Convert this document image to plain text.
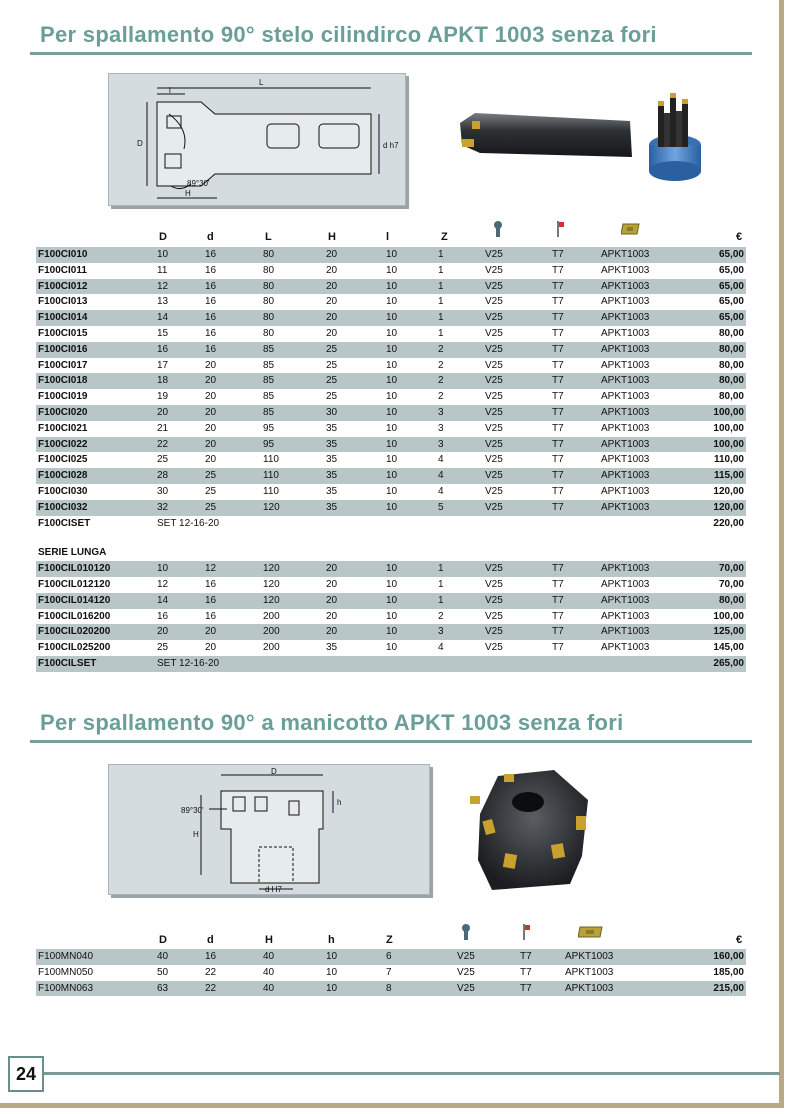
Per spallamento 90° stelo cilindirco APKT 1003 senza fori
L
l
D	d h7
H
89°30'
D	d	L	H	l	Z	€
F100CI010	10	16	80	20	10	1	V25	T7	APKT1003	65,00
F100CI011	11	16	80	20	10	1	V25	T7	APKT1003	65,00
F100CI012	12	16	80	20	10	1	V25	T7	APKT1003	65,00
F100CI013	13	16	80	20	10	1	V25	T7	APKT1003	65,00
F100CI014	14	16	80	20	10	1	V25	T7	APKT1003	65,00
F100CI015	15	16	80	20	10	1	V25	T7	APKT1003	80,00
F100CI016	16	16	85	25	10	2	V25	T7	APKT1003	80,00
F100CI017	17	20	85	25	10	2	V25	T7	APKT1003	80,00
F100CI018	18	20	85	25	10	2	V25	T7	APKT1003	80,00
F100CI019	19	20	85	25	10	2	V25	T7	APKT1003	80,00
F100CI020	20	20	85	30	10	3	V25	T7	APKT1003	100,00
F100CI021	21	20	95	35	10	3	V25	T7	APKT1003	100,00
F100CI022	22	20	95	35	10	3	V25	T7	APKT1003	100,00
F100CI025	25	20	110	35	10	4	V25	T7	APKT1003	110,00
F100CI028	28	25	110	35	10	4	V25	T7	APKT1003	115,00
F100CI030	30	25	110	35	10	4	V25	T7	APKT1003	120,00
F100CI032	32	25	120	35	10	5	V25	T7	APKT1003	120,00
F100CISET	SET 12-16-20									220,00

SERIE LUNGA										
F100CIL010120	10	12	120	20	10	1	V25	T7	APKT1003	70,00
F100CIL012120	12	16	120	20	10	1	V25	T7	APKT1003	70,00
F100CIL014120	14	16	120	20	10	1	V25	T7	APKT1003	80,00
F100CIL016200	16	16	200	20	10	2	V25	T7	APKT1003	100,00
F100CIL020200	20	20	200	20	10	3	V25	T7	APKT1003	125,00
F100CIL025200	25	20	200	35	10	4	V25	T7	APKT1003	145,00
F100CILSET	SET 12-16-20									265,00
Per spallamento 90° a manicotto APKT 1003 senza fori
D
h
H
d H7
89°30'
D	d	H	h	Z	€
F100MN040	40	16	40	10	6	V25	T7	APKT1003	160,00
F100MN050	50	22	40	10	7	V25	T7	APKT1003	185,00
F100MN063	63	22	40	10	8	V25	T7	APKT1003	215,00
24
